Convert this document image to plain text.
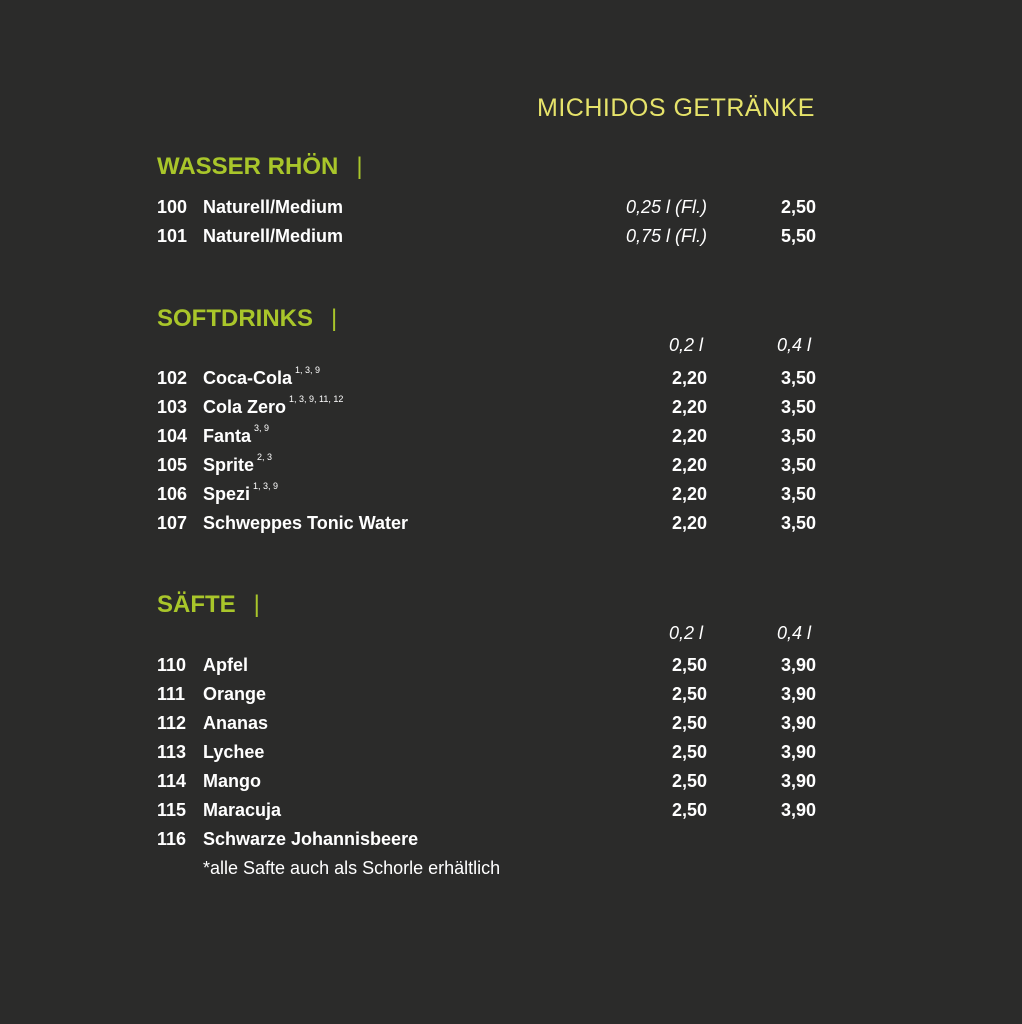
MICHIDOS GETRÄNKE
WASSER RHÖN |
100 Naturell/Medium	0,25 l (Fl.)	2,50
101 Naturell/Medium	0,75 l (Fl.)	5,50
SOFTDRINKS |
0,2 l	0,4 l
102 Coca-Cola $^{1, 3, 9}$	2,20	3,50
103 Cola Zero $^{1, 3, 9, 11, 12}$	2,20	3,50
104 Fanta $^{3, 9}$	2,20	3,50
105 Sprite $^{2, 3}$	2,20	3,50
106 Spezi $^{1, 3, 9}$	2,20	3,50
107 Schweppes Tonic Water	2,20	3,50
SÄFTE |
0,2 l	0,4 l
110 Apfel	2,50	3,90
111 Orange	2,50	3,90
112 Ananas	2,50	3,90
113 Lychee	2,50	3,90
114 Mango	2,50	3,90
115 Maracuja	2,50	3,90
116 Schwarze Johannisbeere
*alle Safte auch als Schorle erhältlich
